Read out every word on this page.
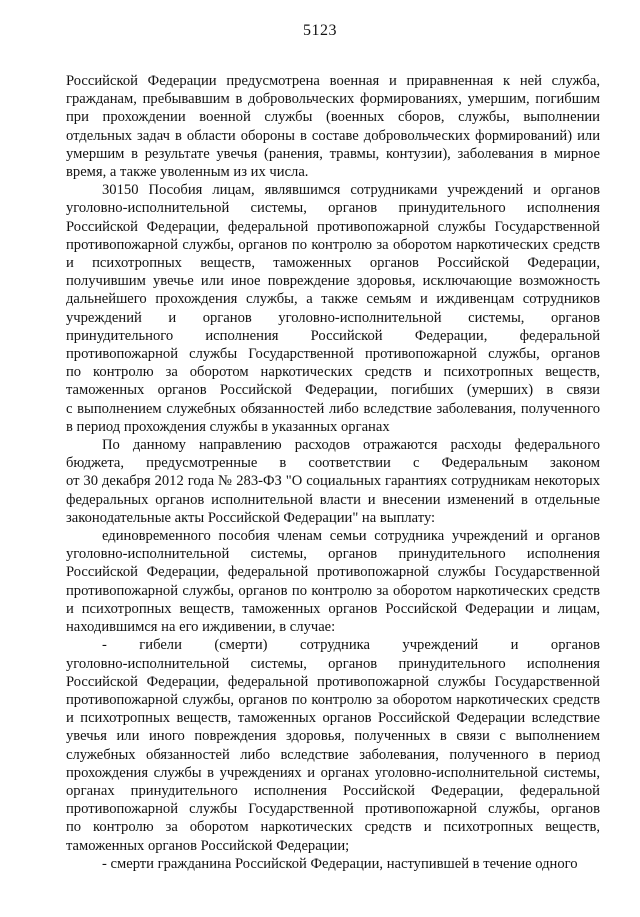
5123
Российской Федерации предусмотрена военная и приравненная к ней служба,
гражданам, пребывавшим в добровольческих формированиях, умершим, погибшим
при прохождении военной службы (военных сборов, службы, выполнении
отдельных задач в области обороны в составе добровольческих формирований) или
умершим в результате увечья (ранения, травмы, контузии), заболевания в мирное
время, а также уволенным из их числа.
30150 Пособия лицам, являвшимся сотрудниками учреждений и органов
уголовно-исполнительной системы, органов принудительного исполнения
Российской Федерации, федеральной противопожарной службы Государственной
противопожарной службы, органов по контролю за оборотом наркотических средств
и психотропных веществ, таможенных органов Российской Федерации,
получившим увечье или иное повреждение здоровья, исключающие возможность
дальнейшего прохождения службы, а также семьям и иждивенцам сотрудников
учреждений и органов уголовно-исполнительной системы, органов
принудительного исполнения Российской Федерации, федеральной
противопожарной службы Государственной противопожарной службы, органов
по контролю за оборотом наркотических средств и психотропных веществ,
таможенных органов Российской Федерации, погибших (умерших) в связи
с выполнением служебных обязанностей либо вследствие заболевания, полученного
в период прохождения службы в указанных органах
По данному направлению расходов отражаются расходы федерального
бюджета, предусмотренные в соответствии с Федеральным законом
от 30 декабря 2012 года № 283-ФЗ "О социальных гарантиях сотрудникам некоторых
федеральных органов исполнительной власти и внесении изменений в отдельные
законодательные акты Российской Федерации" на выплату:
единовременного пособия членам семьи сотрудника учреждений и органов
уголовно-исполнительной системы, органов принудительного исполнения
Российской Федерации, федеральной противопожарной службы Государственной
противопожарной службы, органов по контролю за оборотом наркотических средств
и психотропных веществ, таможенных органов Российской Федерации и лицам,
находившимся на его иждивении, в случае:
- гибели (смерти) сотрудника учреждений и органов
уголовно-исполнительной системы, органов принудительного исполнения
Российской Федерации, федеральной противопожарной службы Государственной
противопожарной службы, органов по контролю за оборотом наркотических средств
и психотропных веществ, таможенных органов Российской Федерации вследствие
увечья или иного повреждения здоровья, полученных в связи с выполнением
служебных обязанностей либо вследствие заболевания, полученного в период
прохождения службы в учреждениях и органах уголовно-исполнительной системы,
органах принудительного исполнения Российской Федерации, федеральной
противопожарной службы Государственной противопожарной службы, органов
по контролю за оборотом наркотических средств и психотропных веществ,
таможенных органов Российской Федерации;
- смерти гражданина Российской Федерации, наступившей в течение одного
